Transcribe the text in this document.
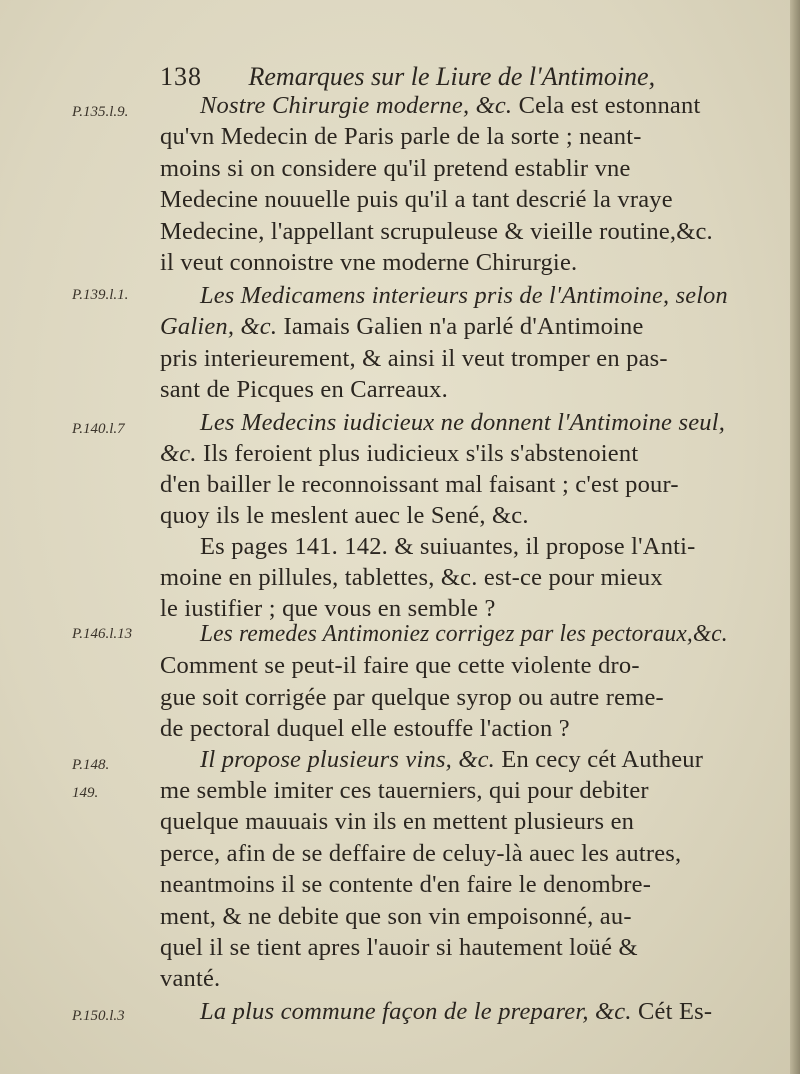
138 Remarques sur le Liure de l'Antimoine,
P.135.l.9.
P.139.l.1.
P.140.l.7
P.146.l.13
P.148.
149.
P.150.l.3
Nostre Chirurgie moderne, &c. Cela est estonnant
qu'vn Medecin de Paris parle de la sorte ; neant-
moins si on considere qu'il pretend establir vne
Medecine nouuelle puis qu'il a tant descrié la vraye
Medecine, l'appellant scrupuleuse & vieille routine,&c.
il veut connoistre vne moderne Chirurgie.
Les Medicamens interieurs pris de l'Antimoine, selon
Galien, &c. Iamais Galien n'a parlé d'Antimoine
pris interieurement, & ainsi il veut tromper en pas-
sant de Picques en Carreaux.
Les Medecins iudicieux ne donnent l'Antimoine seul,
&c. Ils feroient plus iudicieux s'ils s'abstenoient
d'en bailler le reconnoissant mal faisant ; c'est pour-
quoy ils le meslent auec le Sené, &c.
Es pages 141. 142. & suiuantes, il propose l'Anti-
moine en pillules, tablettes, &c. est-ce pour mieux
le iustifier ; que vous en semble ?
Les remedes Antimoniez corrigez par les pectoraux,&c.
Comment se peut-il faire que cette violente dro-
gue soit corrigée par quelque syrop ou autre reme-
de pectoral duquel elle estouffe l'action ?
Il propose plusieurs vins, &c. En cecy cét Autheur
me semble imiter ces tauerniers, qui pour debiter
quelque mauuais vin ils en mettent plusieurs en
perce, afin de se deffaire de celuy-là auec les autres,
neantmoins il se contente d'en faire le denombre-
ment, & ne debite que son vin empoisonné, au-
quel il se tient apres l'auoir si hautement loüé &
vanté.
La plus commune façon de le preparer, &c. Cét Es-
